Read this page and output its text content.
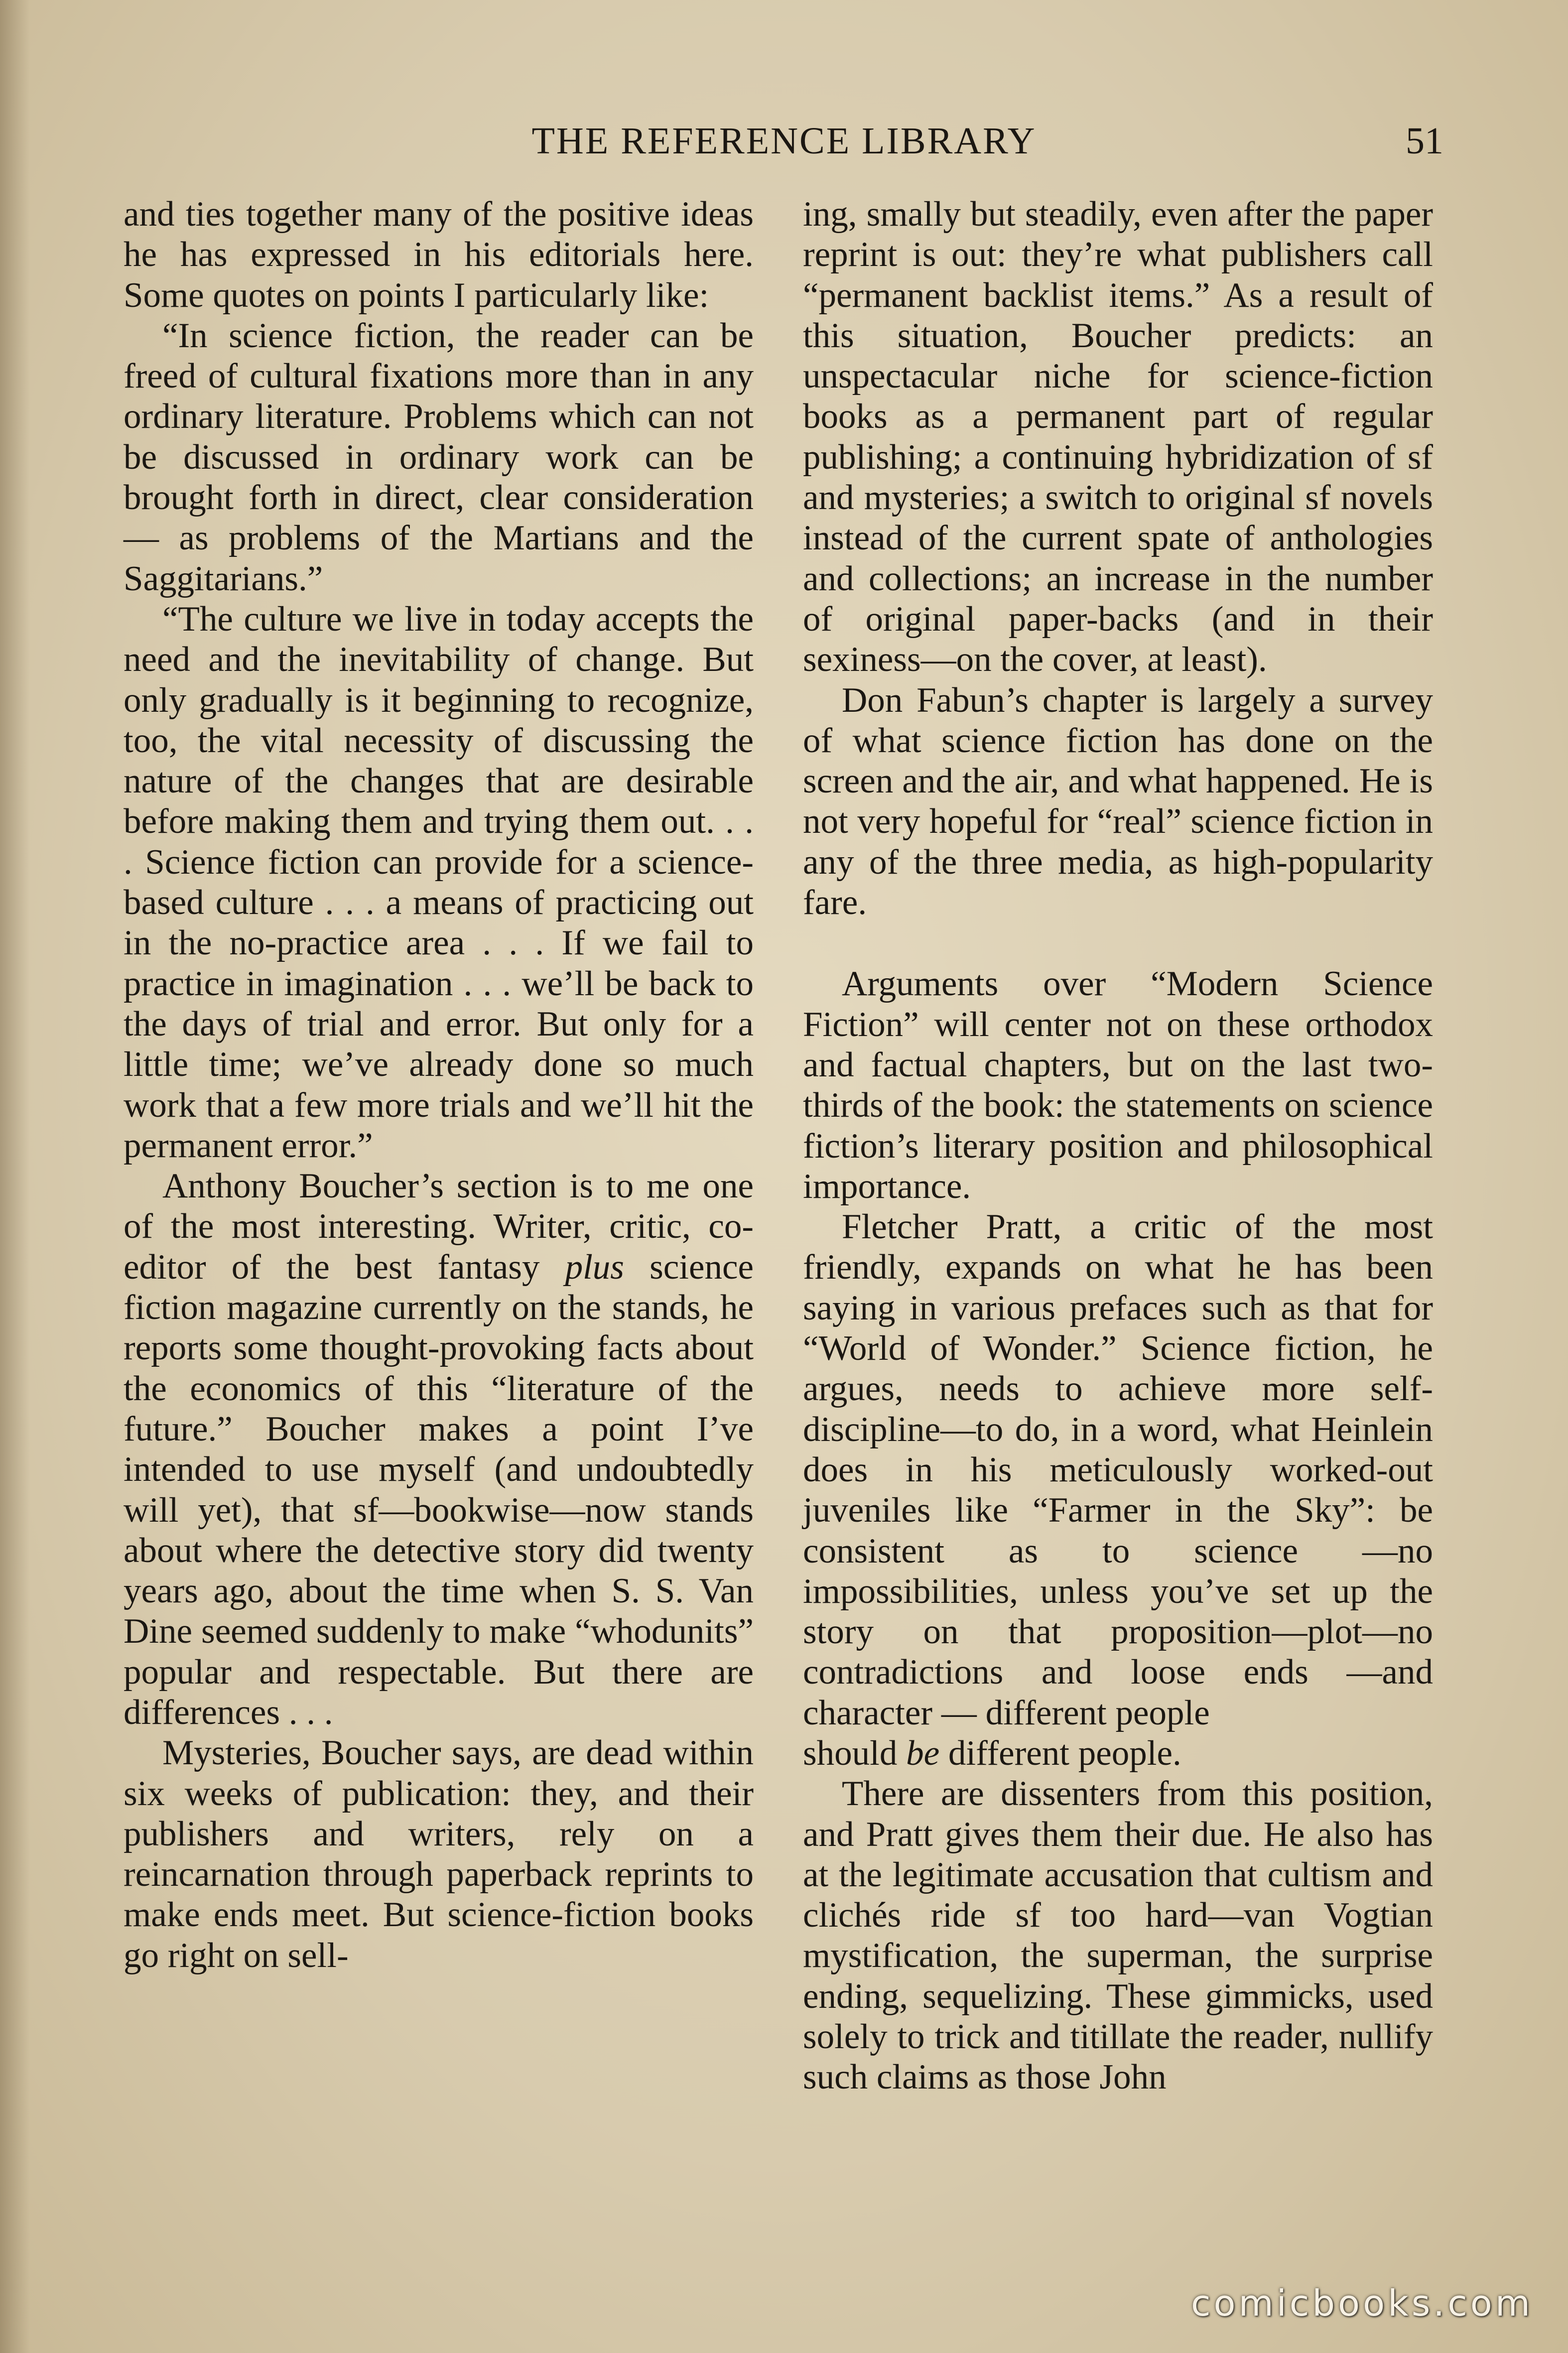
THE REFERENCE LIBRARY	51

and ties together many of the positive ideas he has expressed in his editorials here. Some quotes on points I particularly like:

“In science fiction, the reader can be freed of cultural fixations more than in any ordinary literature. Problems which can not be discussed in ordinary work can be brought forth in direct, clear consideration — as problems of the Martians and the Saggitarians.”

“The culture we live in today accepts the need and the inevitability of change. But only gradually is it beginning to recognize, too, the vital necessity of discussing the nature of the changes that are desirable before making them and trying them out. . . . Science fiction can provide for a science-based culture . . . a means of practicing out in the no-practice area . . . If we fail to practice in imagination . . . we’ll be back to the days of trial and error. But only for a little time; we’ve already done so much work that a few more trials and we’ll hit the permanent error.”

Anthony Boucher’s section is to me one of the most interesting. Writer, critic, co-editor of the best fantasy plus science fiction magazine currently on the stands, he reports some thought-provoking facts about the economics of this “literature of the future.” Boucher makes a point I’ve intended to use myself (and undoubtedly will yet), that sf—bookwise—now stands about where the detective story did twenty years ago, about the time when S. S. Van Dine seemed suddenly to make “whodunits” popular and respectable. But there are differences . . .

Mysteries, Boucher says, are dead within six weeks of publication: they, and their publishers and writers, rely on a reincarnation through paperback reprints to make ends meet. But science-fiction books go right on sell-

ing, smally but steadily, even after the paper reprint is out: they’re what publishers call “permanent backlist items.” As a result of this situation, Boucher predicts: an unspectacular niche for science-fiction books as a permanent part of regular publishing; a continuing hybridization of sf and mysteries; a switch to original sf novels instead of the current spate of anthologies and collections; an increase in the number of original paper-backs (and in their sexiness—on the cover, at least).

Don Fabun’s chapter is largely a survey of what science fiction has done on the screen and the air, and what happened. He is not very hopeful for “real” science fiction in any of the three media, as high-popularity fare.

Arguments over “Modern Science Fiction” will center not on these orthodox and factual chapters, but on the last two-thirds of the book: the statements on science fiction’s literary position and philosophical importance.

Fletcher Pratt, a critic of the most friendly, expands on what he has been saying in various prefaces such as that for “World of Wonder.” Science fiction, he argues, needs to achieve more self-discipline—to do, in a word, what Heinlein does in his meticulously worked-out juveniles like “Farmer in the Sky”: be consistent as to science —no impossibilities, unless you’ve set up the story on that proposition—plot—no contradictions and loose ends —and character — different people

should be different people.

There are dissenters from this position, and Pratt gives them their due. He also has at the legitimate accusation that cultism and clichés ride sf too hard—van Vogtian mystification, the superman, the surprise ending, sequelizing. These gimmicks, used solely to trick and titillate the reader, nullify such claims as those John

comicbooks.com
